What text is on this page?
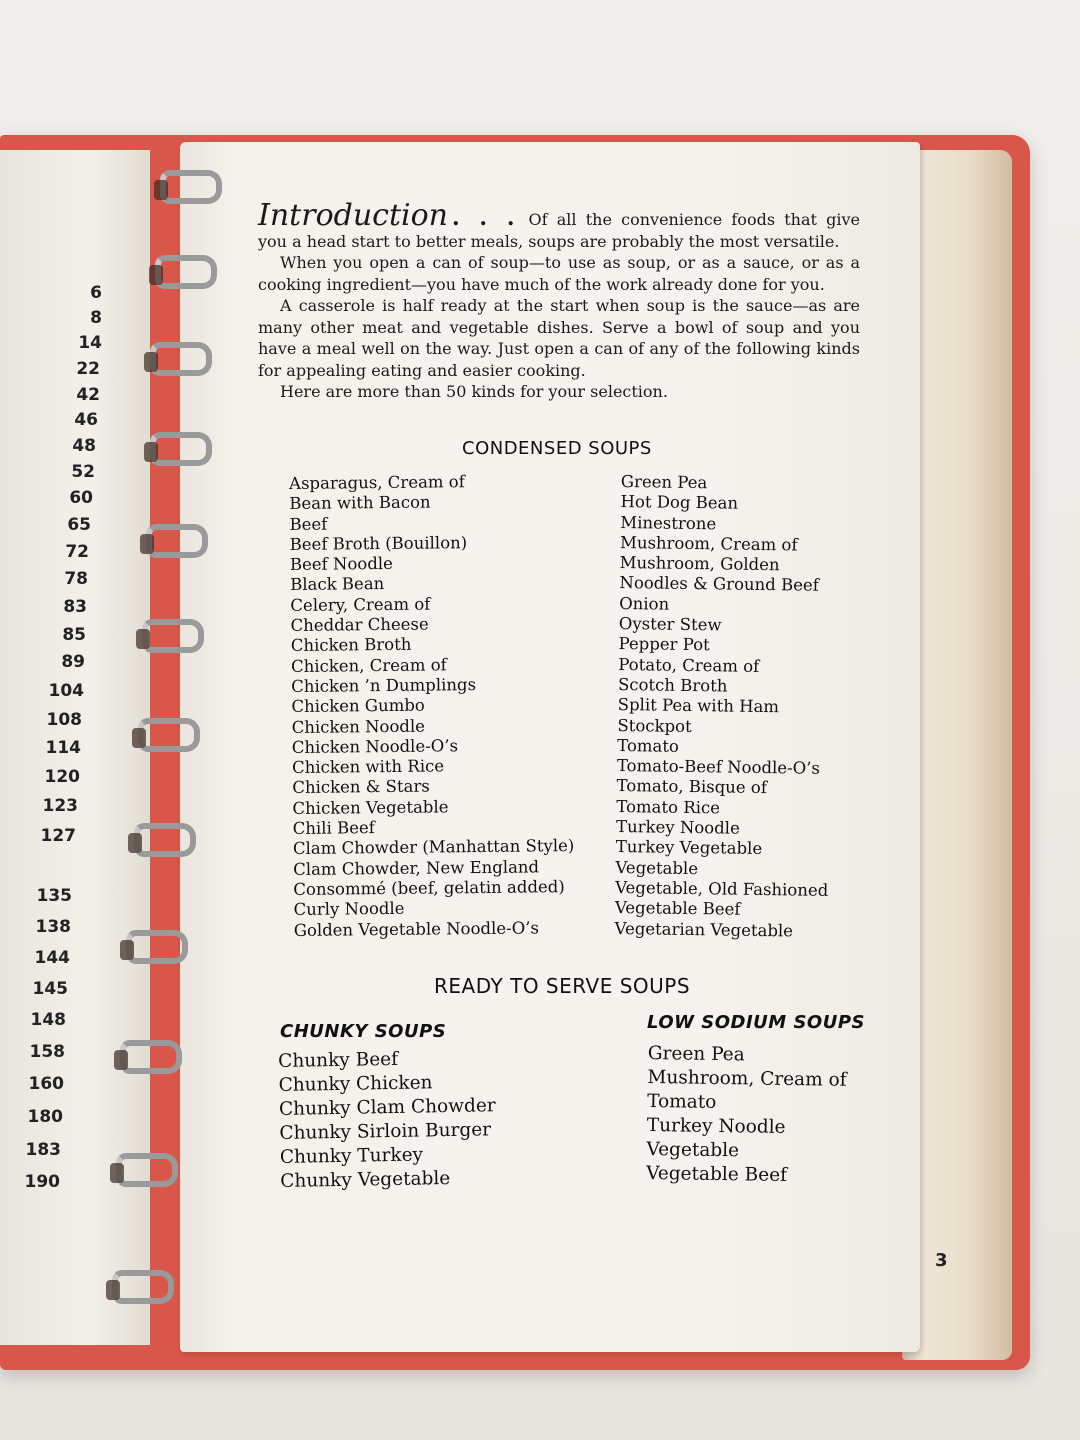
6
8
14
22
42
46
48
52
60
65
72
78
83
85
89
104
108
114
120
123
127
135
138
144
145
148
158
160
180
183
190

Introduction . . . Of all the convenience foods that give you a head start to better meals, soups are probably the most versatile.

When you open a can of soup—to use as soup, or as a sauce, or as a cooking ingredient—you have much of the work already done for you.

A casserole is half ready at the start when soup is the sauce—as are many other meat and vegetable dishes. Serve a bowl of soup and you have a meal well on the way. Just open a can of any of the following kinds for appealing eating and easier cooking.

Here are more than 50 kinds for your selection.

CONDENSED SOUPS
Asparagus, Cream of
Bean with Bacon
Beef
Beef Broth (Bouillon)
Beef Noodle
Black Bean
Celery, Cream of
Cheddar Cheese
Chicken Broth
Chicken, Cream of
Chicken ’n Dumplings
Chicken Gumbo
Chicken Noodle
Chicken Noodle-O’s
Chicken with Rice
Chicken & Stars
Chicken Vegetable
Chili Beef
Clam Chowder (Manhattan Style)
Clam Chowder, New England
Consommé (beef, gelatin added)
Curly Noodle
Golden Vegetable Noodle-O’s
Green Pea
Hot Dog Bean
Minestrone
Mushroom, Cream of
Mushroom, Golden
Noodles & Ground Beef
Onion
Oyster Stew
Pepper Pot
Potato, Cream of
Scotch Broth
Split Pea with Ham
Stockpot
Tomato
Tomato-Beef Noodle-O’s
Tomato, Bisque of
Tomato Rice
Turkey Noodle
Turkey Vegetable
Vegetable
Vegetable, Old Fashioned
Vegetable Beef
Vegetarian Vegetable
READY TO SERVE SOUPS
CHUNKY SOUPS
Chunky Beef
Chunky Chicken
Chunky Clam Chowder
Chunky Sirloin Burger
Chunky Turkey
Chunky Vegetable
LOW SODIUM SOUPS
Green Pea
Mushroom, Cream of
Tomato
Turkey Noodle
Vegetable
Vegetable Beef
3
